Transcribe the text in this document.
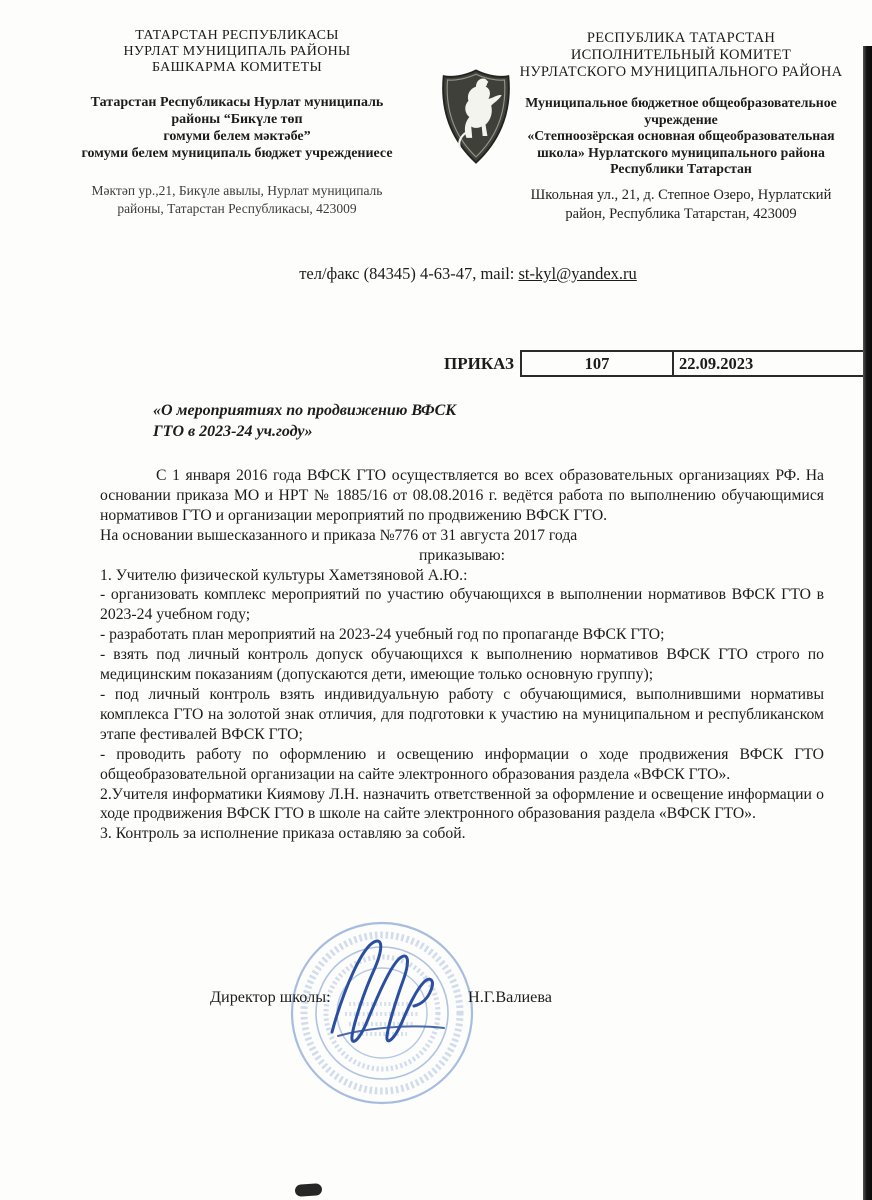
ТАТАРСТАН РЕСПУБЛИКАСЫ
НУРЛАТ МУНИЦИПАЛЬ РАЙОНЫ
БАШКАРМА КОМИТЕТЫ
Татарстан Республикасы Нурлат муниципаль
районы “Бикүле төп
гомуми белем мәктәбе”
гомуми белем муниципаль бюджет учреждениесе
Мәктәп ур.,21, Бикүле авылы, Нурлат муниципаль
районы, Татарстан Республикасы, 423009
РЕСПУБЛИКА ТАТАРСТАН
ИСПОЛНИТЕЛЬНЫЙ КОМИТЕТ
НУРЛАТСКОГО МУНИЦИПАЛЬНОГО РАЙОНА
Муниципальное бюджетное общеобразовательное
учреждение
«Степноозёрская основная общеобразовательная
школа» Нурлатского муниципального района
Республики Татарстан
Школьная ул., 21, д. Степное Озеро, Нурлатский
район, Республика Татарстан, 423009
тел/факс (84345) 4-63-47, mail: st-kyl@yandex.ru
ПРИКАЗ	107	22.09.2023
«О мероприятиях по продвижению ВФСК
ГТО в 2023-24 уч.году»

С 1 января 2016 года ВФСК ГТО осуществляется во всех образовательных организациях РФ. На основании приказа МО и НРТ № 1885/16 от 08.08.2016 г. ведётся работа по выполнению обучающимися нормативов ГТО и организации мероприятий по продвижению ВФСК ГТО.

На основании вышесказанного и приказа №776 от 31 августа 2017 года

приказываю:

1. Учителю физической культуры Хаметзяновой А.Ю.:

- организовать комплекс мероприятий по участию обучающихся в выполнении нормативов ВФСК ГТО в 2023-24 учебном году;

- разработать план мероприятий на 2023-24 учебный год по пропаганде ВФСК ГТО;

- взять под личный контроль допуск обучающихся к выполнению нормативов ВФСК ГТО строго по медицинским показаниям (допускаются дети, имеющие только основную группу);

- под личный контроль взять индивидуальную работу с обучающимися, выполнившими нормативы комплекса ГТО на золотой знак отличия, для подготовки к участию на муниципальном и республиканском этапе фестивалей ВФСК ГТО;

- проводить работу по оформлению и освещению информации о ходе продвижения ВФСК ГТО общеобразовательной организации на сайте электронного образования раздела «ВФСК ГТО».

2.Учителя информатики Киямову Л.Н. назначить ответственной за оформление и освещение информации о ходе продвижения ВФСК ГТО в школе на сайте электронного образования раздела «ВФСК ГТО».

3. Контроль за исполнение приказа оставляю за собой.

Директор школы:	Н.Г.Валиева
